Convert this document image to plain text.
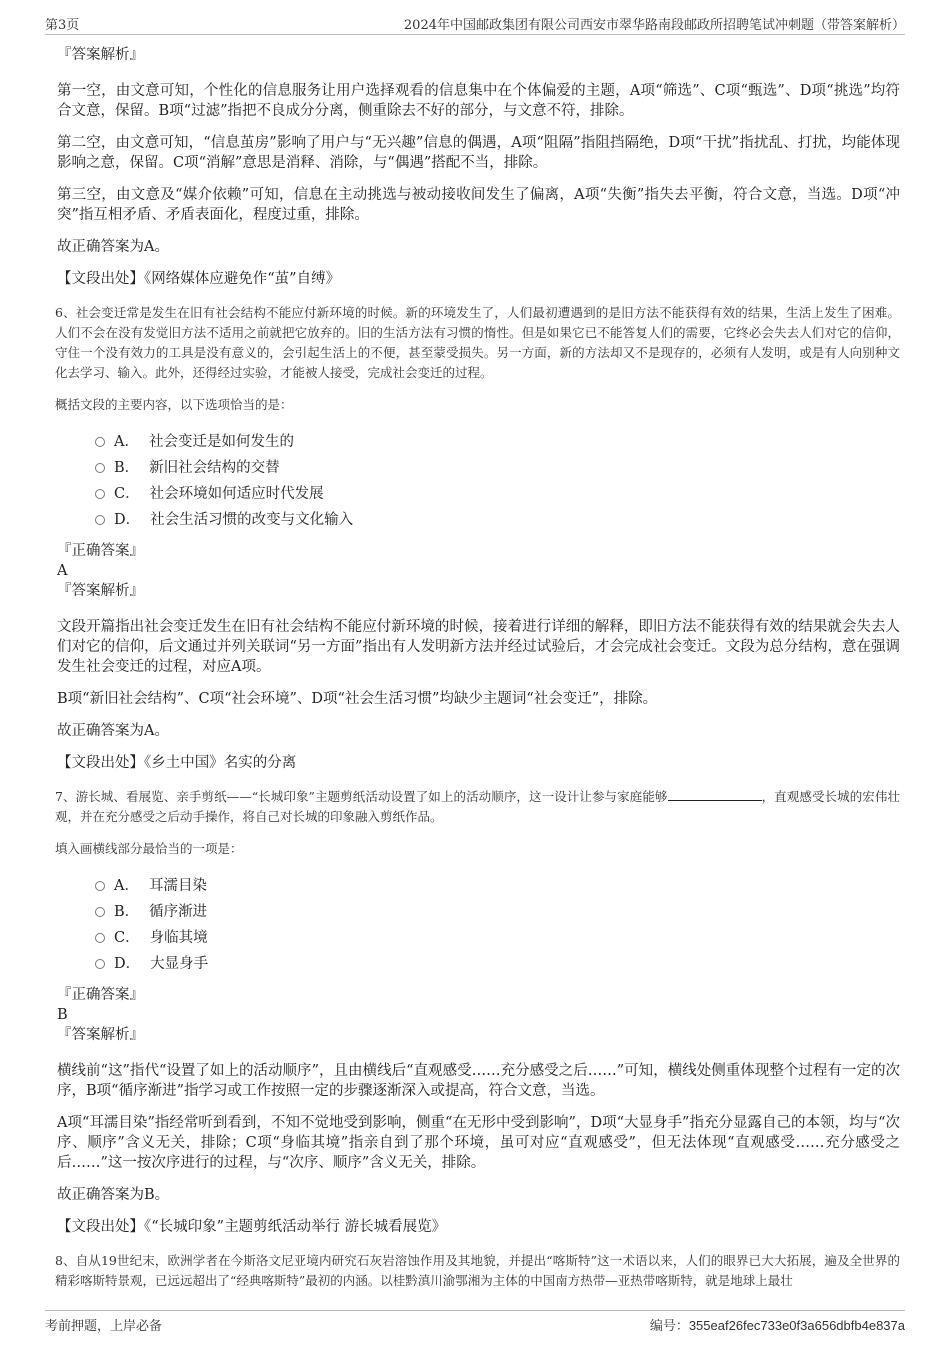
第3页	2024年中国邮政集团有限公司西安市翠华路南段邮政所招聘笔试冲刺题（带答案解析）

『答案解析』

第一空，由文意可知，个性化的信息服务让用户选择观看的信息集中在个体偏爱的主题，A项“筛选”、C项“甄选”、D项“挑选”均符合文意，保留。B项“过滤”指把不良成分分离，侧重除去不好的部分，与文意不符，排除。

第二空，由文意可知，“信息茧房”影响了用户与“无兴趣”信息的偶遇，A项“阻隔”指阻挡隔绝，D项“干扰”指扰乱、打扰，均能体现影响之意，保留。C项“消解”意思是消释、消除，与“偶遇”搭配不当，排除。

第三空，由文意及“媒介依赖”可知，信息在主动挑选与被动接收间发生了偏离，A项“失衡”指失去平衡，符合文意，当选。D项“冲突”指互相矛盾、矛盾表面化，程度过重，排除。

故正确答案为A。

【文段出处】《网络媒体应避免作“茧”自缚》

6、社会变迁常是发生在旧有社会结构不能应付新环境的时候。新的环境发生了，人们最初遭遇到的是旧方法不能获得有效的结果，生活上发生了困难。人们不会在没有发觉旧方法不适用之前就把它放弃的。旧的生活方法有习惯的惰性。但是如果它已不能答复人们的需要，它终必会失去人们对它的信仰，守住一个没有效力的工具是没有意义的，会引起生活上的不便，甚至蒙受损失。另一方面，新的方法却又不是现存的，必须有人发明，或是有人向别种文化去学习、输入。此外，还得经过实验，才能被人接受，完成社会变迁的过程。

概括文段的主要内容，以下选项恰当的是：

A． 社会变迁是如何发生的
B． 新旧社会结构的交替
C． 社会环境如何适应时代发展
D． 社会生活习惯的改变与文化输入

『正确答案』

A

『答案解析』

文段开篇指出社会变迁发生在旧有社会结构不能应付新环境的时候，接着进行详细的解释，即旧方法不能获得有效的结果就会失去人们对它的信仰，后文通过并列关联词“另一方面”指出有人发明新方法并经过试验后，才会完成社会变迁。文段为总分结构，意在强调发生社会变迁的过程，对应A项。

B项“新旧社会结构”、C项“社会环境”、D项“社会生活习惯”均缺少主题词“社会变迁”，排除。

故正确答案为A。

【文段出处】《乡土中国》名实的分离

7、游长城、看展览、亲手剪纸——“长城印象”主题剪纸活动设置了如上的活动顺序，这一设计让参与家庭能够	，直观感受长城的宏伟壮观，并在充分感受之后动手操作，将自己对长城的印象融入剪纸作品。

填入画横线部分最恰当的一项是：

A． 耳濡目染
B． 循序渐进
C． 身临其境
D． 大显身手

『正确答案』

B

『答案解析』

横线前“这”指代“设置了如上的活动顺序”，且由横线后“直观感受……充分感受之后……”可知，横线处侧重体现整个过程有一定的次序，B项“循序渐进”指学习或工作按照一定的步骤逐渐深入或提高，符合文意，当选。

A项“耳濡目染”指经常听到看到，不知不觉地受到影响，侧重“在无形中受到影响”，D项“大显身手”指充分显露自己的本领，均与“次序、顺序”含义无关，排除；C项“身临其境”指亲自到了那个环境，虽可对应“直观感受”，但无法体现“直观感受……充分感受之后……”这一按次序进行的过程，与“次序、顺序”含义无关，排除。

故正确答案为B。

【文段出处】《“长城印象”主题剪纸活动举行 游长城看展览》

8、自从19世纪末，欧洲学者在今斯洛文尼亚境内研究石灰岩溶蚀作用及其地貌，并提出“喀斯特”这一术语以来，人们的眼界已大大拓展，遍及全世界的精彩喀斯特景观，已远远超出了“经典喀斯特”最初的内涵。以桂黔滇川渝鄂湘为主体的中国南方热带—亚热带喀斯特，就是地球上最壮

考前押题，上岸必备	编号：355eaf26fec733e0f3a656dbfb4e837a
